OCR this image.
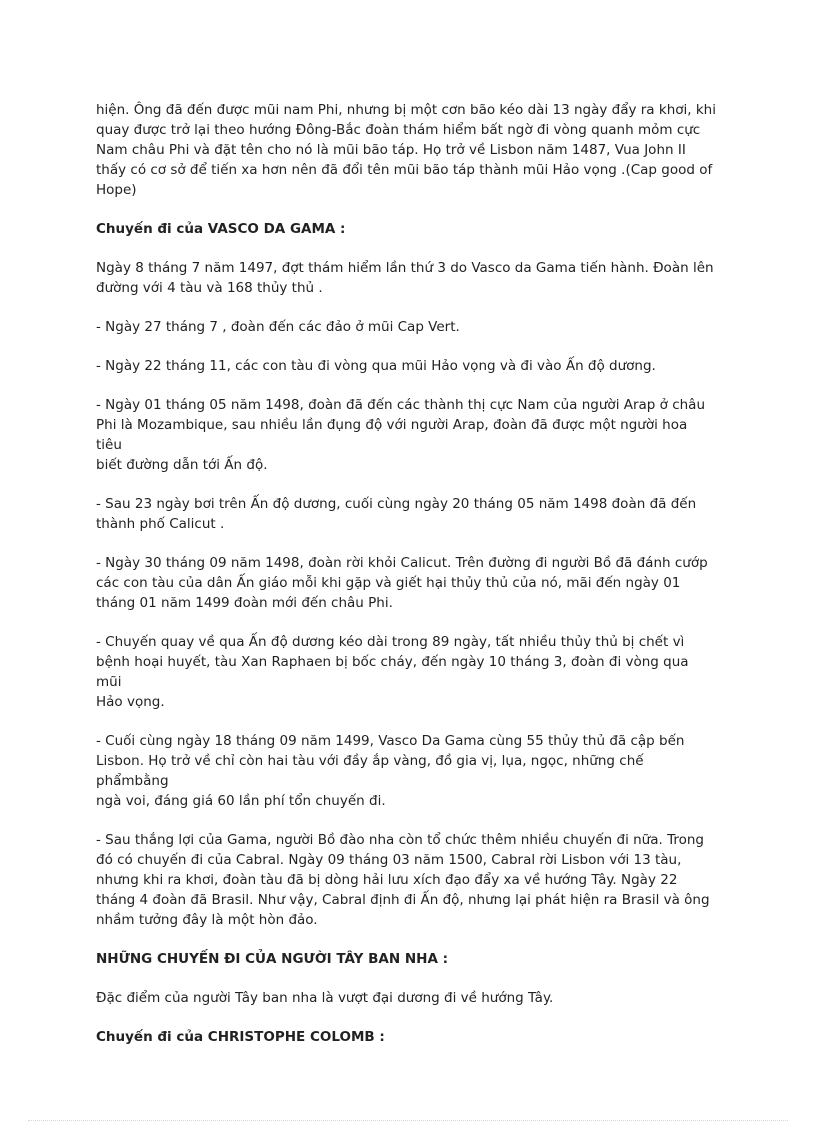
hiện. Ông đã đến được mũi nam Phi, nhưng bị một cơn bão kéo dài 13 ngày đẩy ra khơi, khi
quay được trở lại theo hướng Đông-Bắc đoàn thám hiểm bất ngờ đi vòng quanh mỏm cực
Nam châu Phi và đặt tên cho nó là mũi bão táp. Họ trở về Lisbon năm 1487, Vua John II
thấy có cơ sở để tiến xa hơn nên đã đổi tên mũi bão táp thành mũi Hảo vọng .(Cap good of
Hope)

Chuyến đi của VASCO DA GAMA :

Ngày 8 tháng 7 năm 1497, đợt thám hiểm lần thứ 3 do Vasco da Gama tiến hành. Đoàn lên
đường với 4 tàu và 168 thủy thủ .

- Ngày 27 tháng 7 , đoàn đến các đảo ở mũi Cap Vert.

- Ngày 22 tháng 11, các con tàu đi vòng qua mũi Hảo vọng và đi vào Ấn độ dương.

- Ngày 01 tháng 05 năm 1498, đoàn đã đến các thành thị cực Nam của người Arap ở châu
Phi là Mozambique, sau nhiều lần đụng độ với người Arap, đoàn đã được một người hoa tiêu
biết đường dẫn tới Ấn độ.

- Sau 23 ngày bơi trên Ấn độ dương, cuối cùng ngày 20 tháng 05 năm 1498 đoàn đã đến
thành phố Calicut .

- Ngày 30 tháng 09 năm 1498, đoàn rời khỏi Calicut. Trên đường đi người Bồ đã đánh cướp
các con tàu của dân Ấn giáo mỗi khi gặp và giết hại thủy thủ của nó, mãi đến ngày 01
tháng 01 năm 1499 đoàn mới đến châu Phi.

- Chuyến quay về qua Ấn độ dương kéo dài trong 89 ngày, tất nhiều thủy thủ bị chết vì
bệnh hoại huyết, tàu Xan Raphaen bị bốc cháy, đến ngày 10 tháng 3, đoàn đi vòng qua mũi
Hảo vọng.

- Cuối cùng ngày 18 tháng 09 năm 1499, Vasco Da Gama cùng 55 thủy thủ đã cập bến
Lisbon. Họ trở về chỉ còn hai tàu với đầy ắp vàng, đồ gia vị, lụa, ngọc, những chế phẩmbằng
ngà voi, đáng giá 60 lần phí tổn chuyến đi.

- Sau thắng lợi của Gama, người Bồ đào nha còn tổ chức thêm nhiều chuyến đi nữa. Trong
đó có chuyến đi của Cabral. Ngày 09 tháng 03 năm 1500, Cabral rời Lisbon với 13 tàu,
nhưng khi ra khơi, đoàn tàu đã bị dòng hải lưu xích đạo đẩy xa về hướng Tây. Ngày 22
tháng 4 đoàn đã Brasil. Như vậy, Cabral định đi Ấn độ, nhưng lại phát hiện ra Brasil và ông
nhầm tưởng đây là một hòn đảo.

NHỮNG CHUYẾN ĐI CỦA NGƯỜI TÂY BAN NHA :

Đặc điểm của người Tây ban nha là vượt đại dương đi về hướng Tây.

Chuyến đi của CHRISTOPHE COLOMB :
